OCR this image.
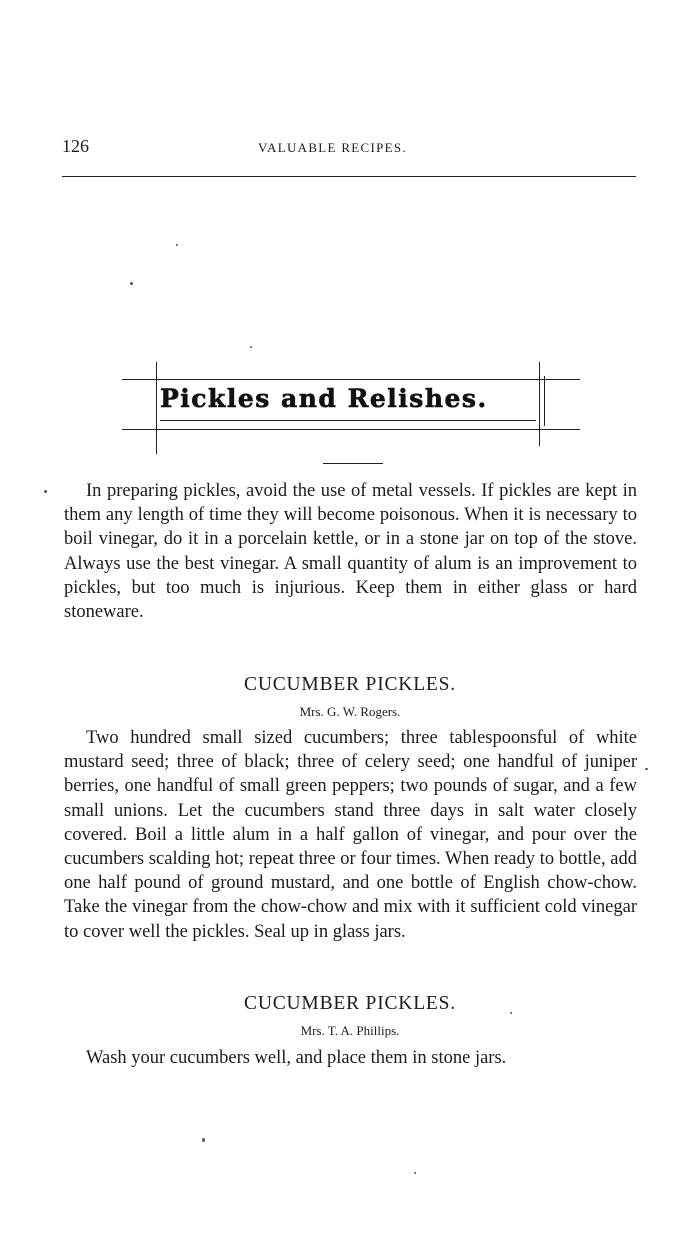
126	VALUABLE RECIPES.
Pickles and Relishes.
In preparing pickles, avoid the use of metal vessels. If pickles are kept in them any length of time they will become poisonous. When it is necessary to boil vinegar, do it in a porcelain kettle, or in a stone jar on top of the stove. Always use the best vinegar. A small quantity of alum is an improvement to pickles, but too much is injurious. Keep them in either glass or hard stoneware.
CUCUMBER PICKLES.
Mrs. G. W. Rogers.
Two hundred small sized cucumbers; three tablespoonsful of white mustard seed; three of black; three of celery seed; one handful of juniper berries, one handful of small green peppers; two pounds of sugar, and a few small unions. Let the cucumbers stand three days in salt water closely covered. Boil a little alum in a half gallon of vinegar, and pour over the cucumbers scalding hot; repeat three or four times. When ready to bottle, add one half pound of ground mustard, and one bottle of English chow-chow. Take the vinegar from the chow-chow and mix with it sufficient cold vinegar to cover well the pickles. Seal up in glass jars.
CUCUMBER PICKLES.
Mrs. T. A. Phillips.
Wash your cucumbers well, and place them in stone jars.
